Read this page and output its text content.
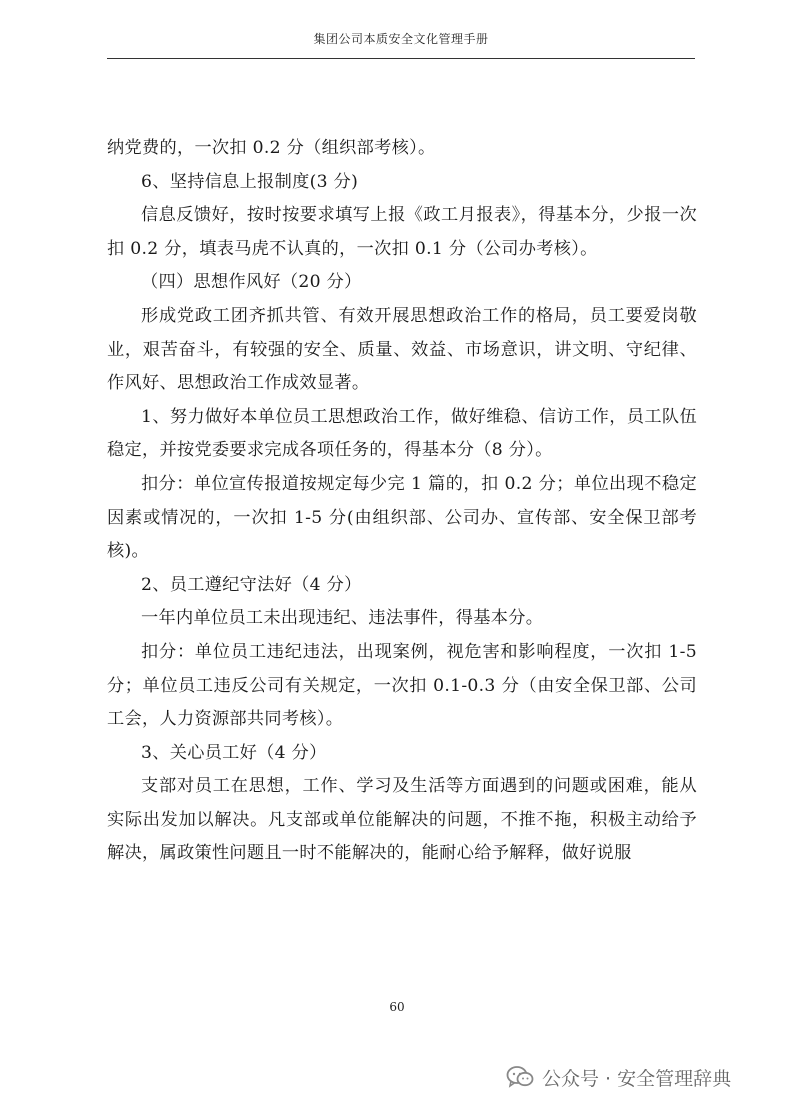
集团公司本质安全文化管理手册

纳党费的，一次扣 0.2 分（组织部考核）。

6、坚持信息上报制度(3 分)

信息反馈好，按时按要求填写上报《政工月报表》，得基本分，少报一次扣 0.2 分，填表马虎不认真的，一次扣 0.1 分（公司办考核）。

（四）思想作风好（20 分）

形成党政工团齐抓共管、有效开展思想政治工作的格局，员工要爱岗敬业，艰苦奋斗，有较强的安全、质量、效益、市场意识，讲文明、守纪律、作风好、思想政治工作成效显著。

1、努力做好本单位员工思想政治工作，做好维稳、信访工作，员工队伍稳定，并按党委要求完成各项任务的，得基本分（8 分）。

扣分：单位宣传报道按规定每少完 1 篇的，扣 0.2 分；单位出现不稳定因素或情况的，一次扣 1-5 分(由组织部、公司办、宣传部、安全保卫部考核)。

2、员工遵纪守法好（4 分）

一年内单位员工未出现违纪、违法事件，得基本分。

扣分：单位员工违纪违法，出现案例，视危害和影响程度，一次扣 1-5 分；单位员工违反公司有关规定，一次扣 0.1-0.3 分（由安全保卫部、公司工会，人力资源部共同考核）。

3、关心员工好（4 分）

支部对员工在思想，工作、学习及生活等方面遇到的问题或困难，能从实际出发加以解决。凡支部或单位能解决的问题，不推不拖，积极主动给予解决，属政策性问题且一时不能解决的，能耐心给予解释，做好说服

60
公众号 · 安全管理辞典
